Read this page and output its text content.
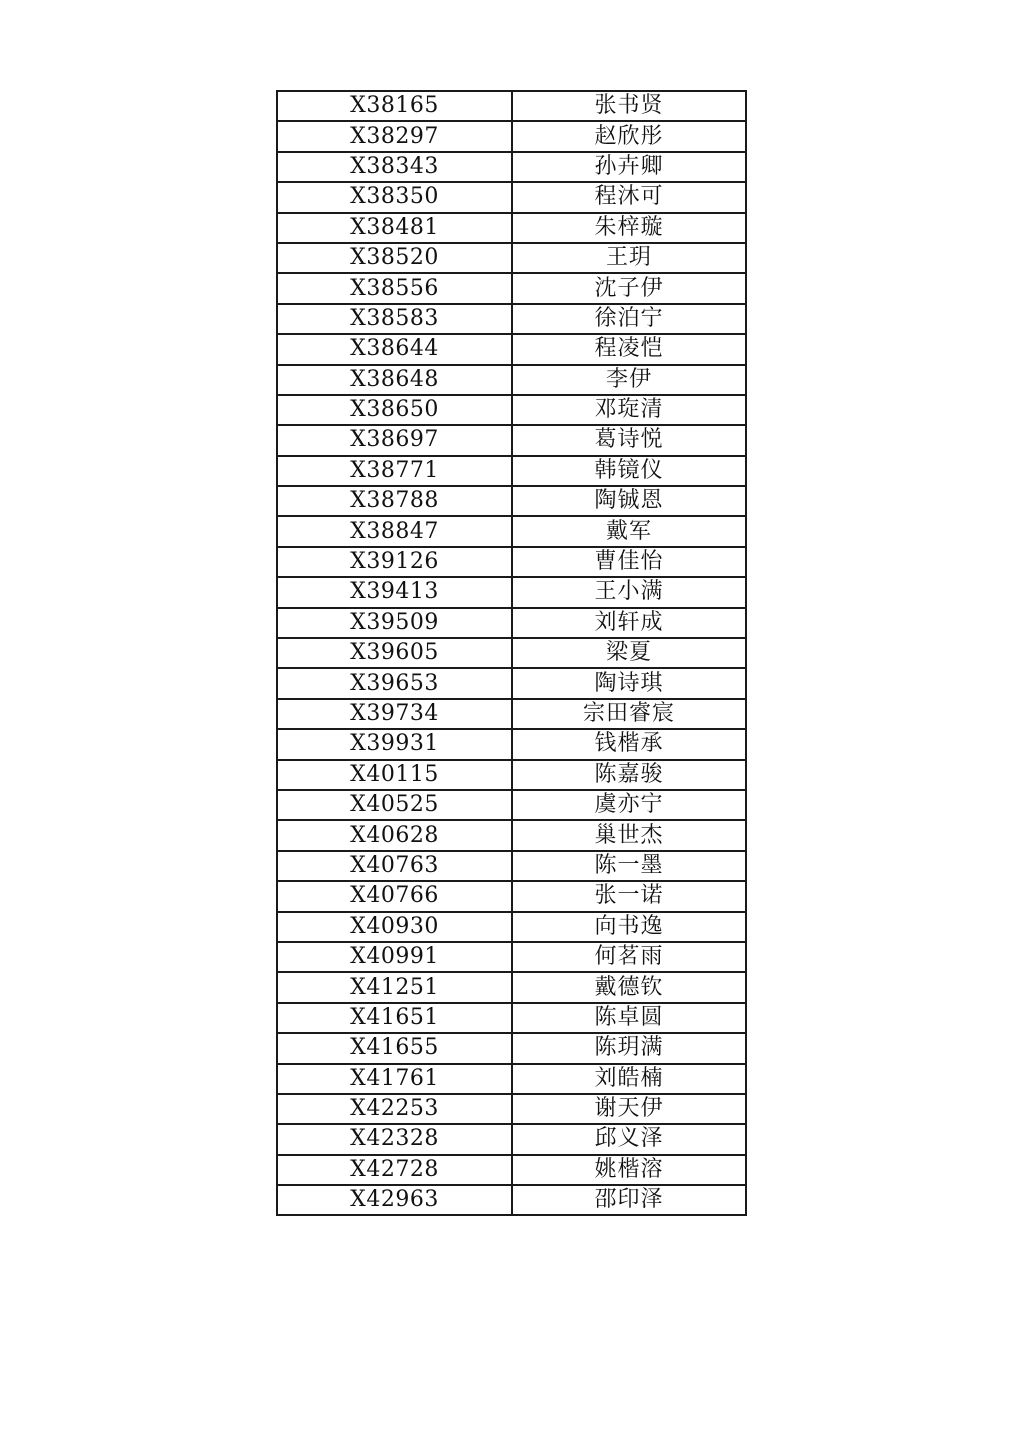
X38165	张书贤
X38297	赵欣彤
X38343	孙卉卿
X38350	程沐可
X38481	朱梓璇
X38520	王玥
X38556	沈子伊
X38583	徐泊宁
X38644	程凌恺
X38648	李伊
X38650	邓琁清
X38697	葛诗悦
X38771	韩镜仪
X38788	陶铖恩
X38847	戴军
X39126	曹佳怡
X39413	王小满
X39509	刘轩成
X39605	梁夏
X39653	陶诗琪
X39734	宗田睿宸
X39931	钱楷承
X40115	陈嘉骏
X40525	虞亦宁
X40628	巢世杰
X40763	陈一墨
X40766	张一诺
X40930	向书逸
X40991	何茗雨
X41251	戴德钦
X41651	陈卓圆
X41655	陈玥满
X41761	刘皓楠
X42253	谢天伊
X42328	邱义泽
X42728	姚楷溶
X42963	邵印泽
